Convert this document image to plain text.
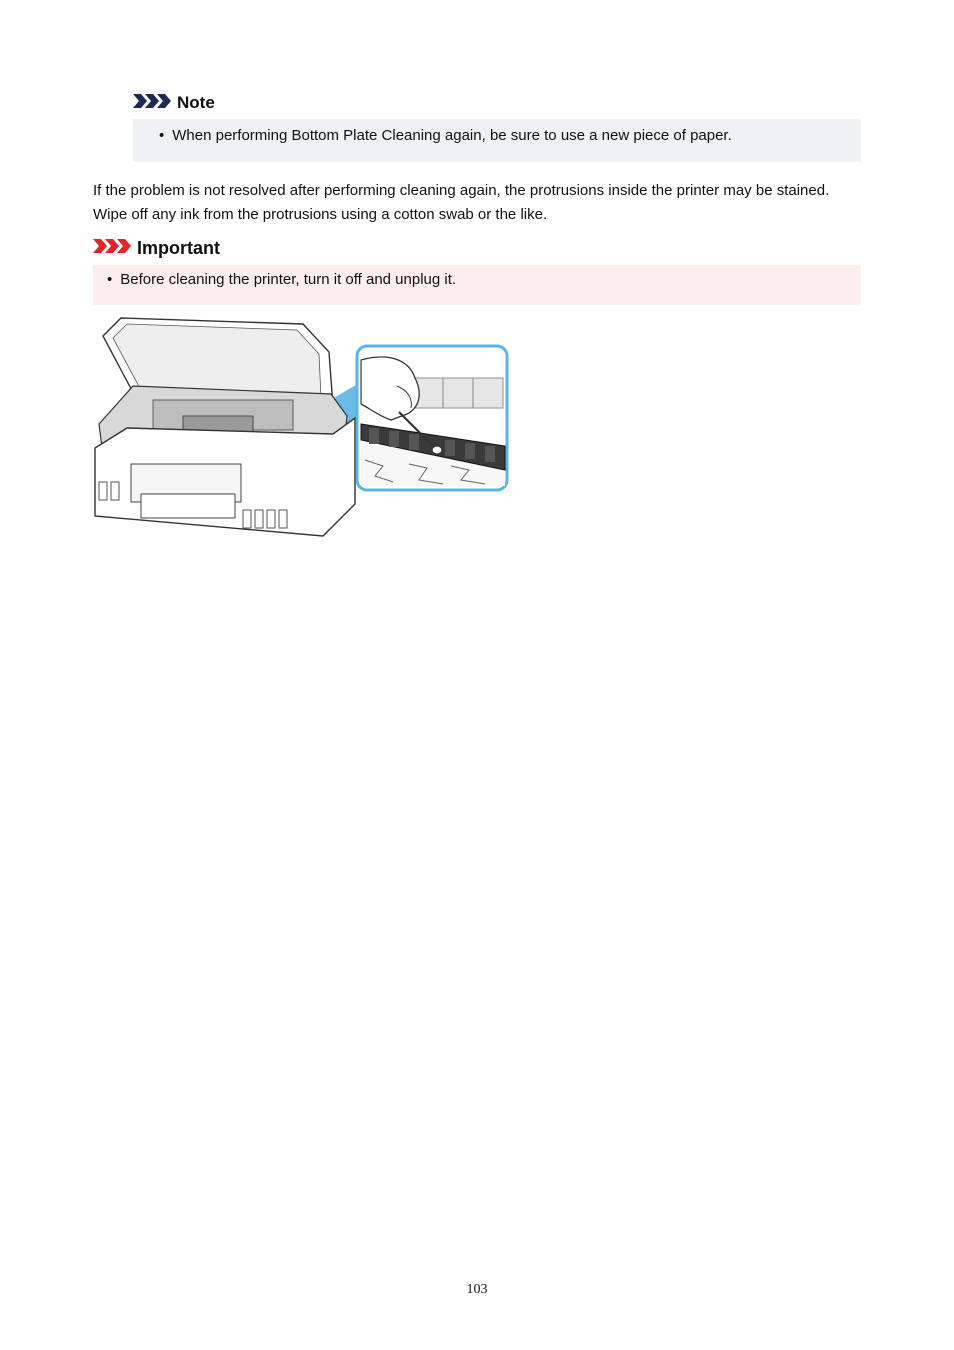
Note
• When performing Bottom Plate Cleaning again, be sure to use a new piece of paper.

If the problem is not resolved after performing cleaning again, the protrusions inside the printer may be stained. Wipe off any ink from the protrusions using a cotton swab or the like.

Important
• Before cleaning the printer, turn it off and unplug it.
103
